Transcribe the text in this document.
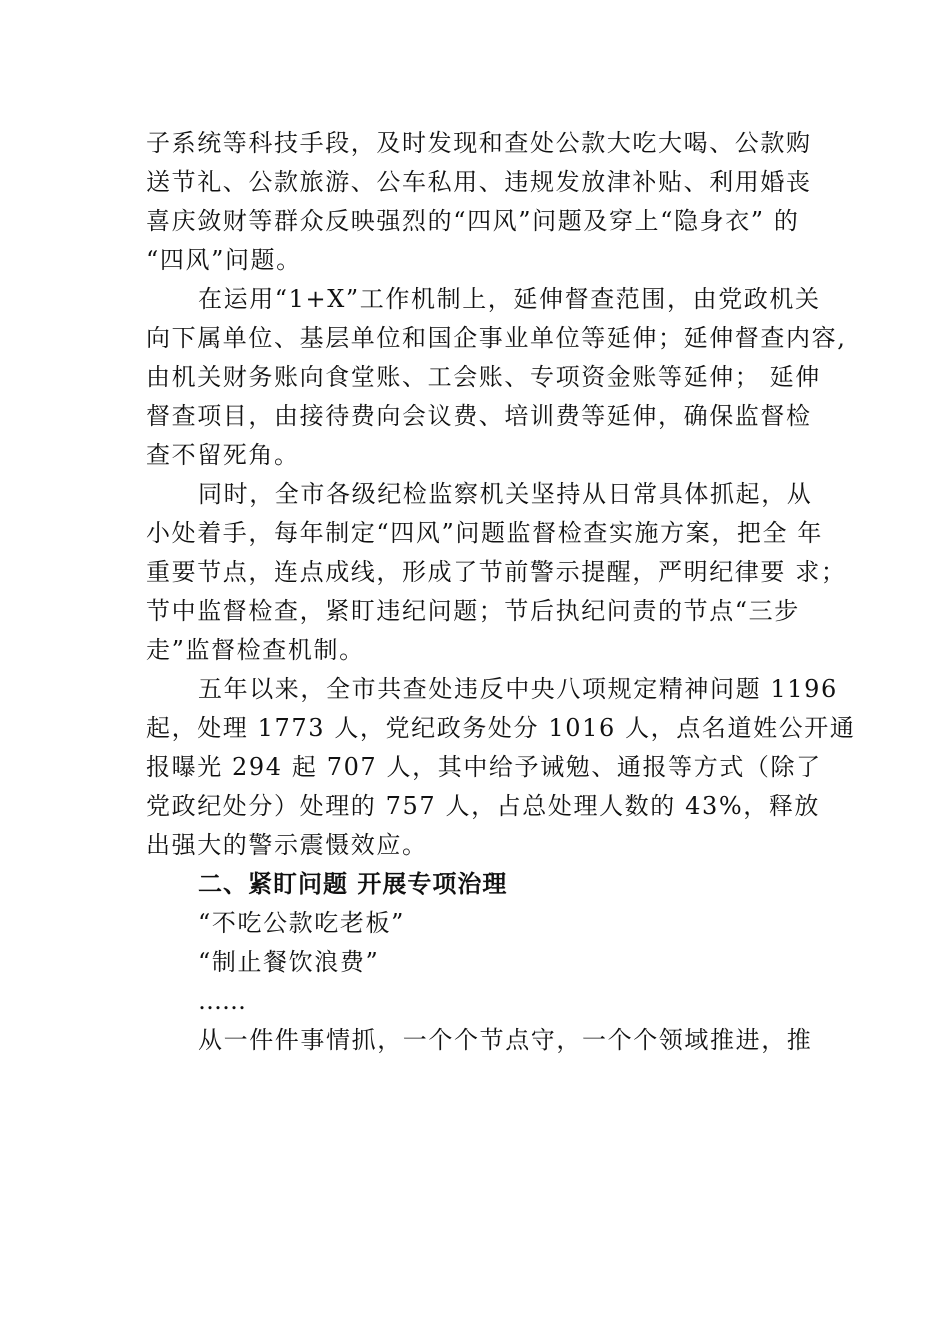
子系统等科技手段，及时发现和查处公款大吃大喝、公款购
送节礼、公款旅游、公车私用、违规发放津补贴、利用婚丧
喜庆敛财等群众反映强烈的“四风”问题及穿上“隐身衣” 的
“四风”问题。
在运用“1+X”工作机制上，延伸督查范围，由党政机关
向下属单位、基层单位和国企事业单位等延伸；延伸督查内容,
由机关财务账向食堂账、工会账、专项资金账等延伸； 延伸
督查项目，由接待费向会议费、培训费等延伸，确保监督检
查不留死角。
同时，全市各级纪检监察机关坚持从日常具体抓起，从
小处着手，每年制定“四风”问题监督检查实施方案，把全 年
重要节点，连点成线，形成了节前警示提醒，严明纪律要 求；
节中监督检查，紧盯违纪问题；节后执纪问责的节点“三步
走”监督检查机制。
五年以来，全市共查处违反中央八项规定精神问题 1196
起，处理 1773 人，党纪政务处分 1016 人，点名道姓公开通
报曝光 294 起 707 人，其中给予诫勉、通报等方式（除了
党政纪处分）处理的 757 人，占总处理人数的 43%，释放
出强大的警示震慑效应。
二、紧盯问题 开展专项治理
“不吃公款吃老板”
“制止餐饮浪费”
……
从一件件事情抓，一个个节点守，一个个领域推进，推
